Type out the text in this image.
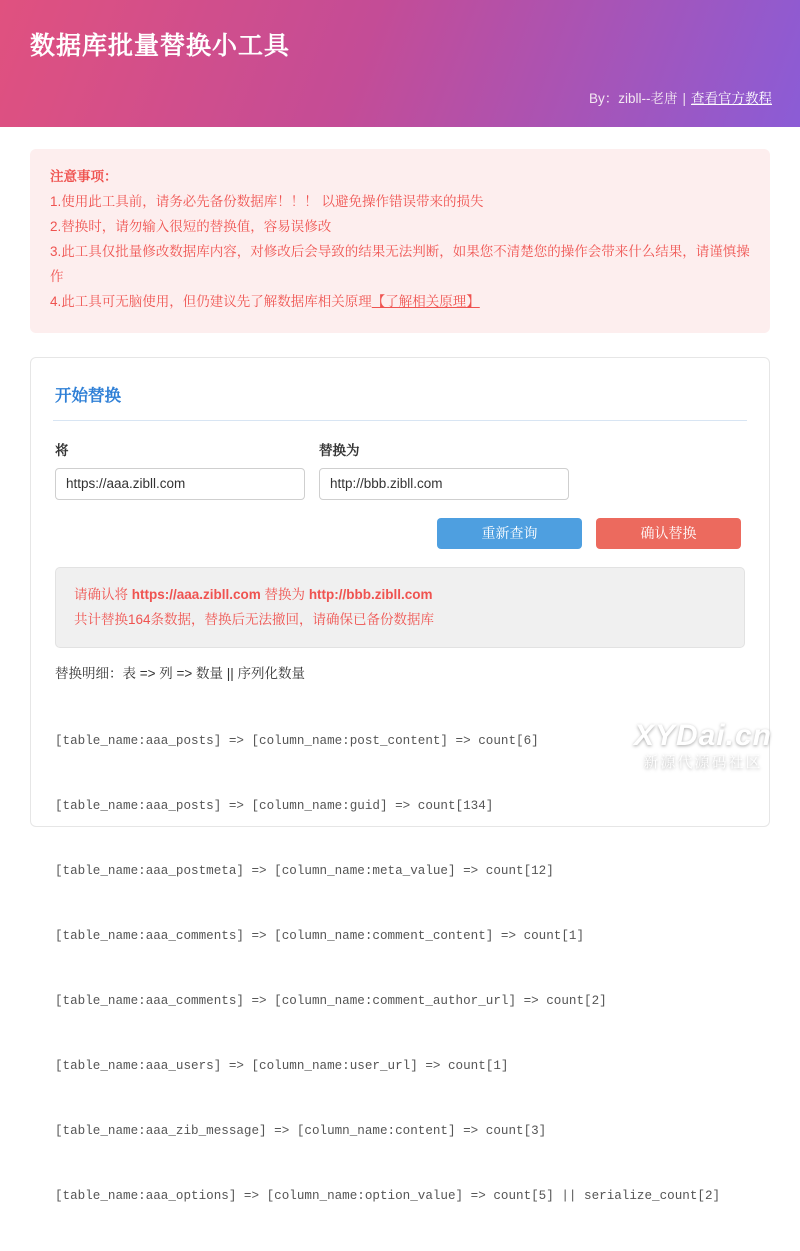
数据库批量替换小工具
By：zibll--老唐 | 查看官方教程
注意事项：
1.使用此工具前，请务必先备份数据库！！！ 以避免操作错误带来的损失
2.替换时，请勿输入很短的替换值，容易误修改
3.此工具仅批量修改数据库内容，对修改后会导致的结果无法判断，如果您不清楚您的操作会带来什么结果，请谨慎操作
4.此工具可无脑使用，但仍建议先了解数据库相关原理【了解相关原理】
开始替换
将
https://aaa.zibll.com	替换为
http://bbb.zibll.com
重新查询	确认替换
请确认将 https://aaa.zibll.com 替换为 http://bbb.zibll.com
共计替换164条数据，替换后无法撤回，请确保已备份数据库
替换明细：表 => 列 => 数量 || 序列化数量

[table_name:aaa_posts] => [column_name:post_content] => count[6]

[table_name:aaa_posts] => [column_name:guid] => count[134]

[table_name:aaa_postmeta] => [column_name:meta_value] => count[12]

[table_name:aaa_comments] => [column_name:comment_content] => count[1]

[table_name:aaa_comments] => [column_name:comment_author_url] => count[2]

[table_name:aaa_users] => [column_name:user_url] => count[1]

[table_name:aaa_zib_message] => [column_name:content] => count[3]

[table_name:aaa_options] => [column_name:option_value] => count[5] || serialize_count[2]

XYDai.cn
新源代源码社区
